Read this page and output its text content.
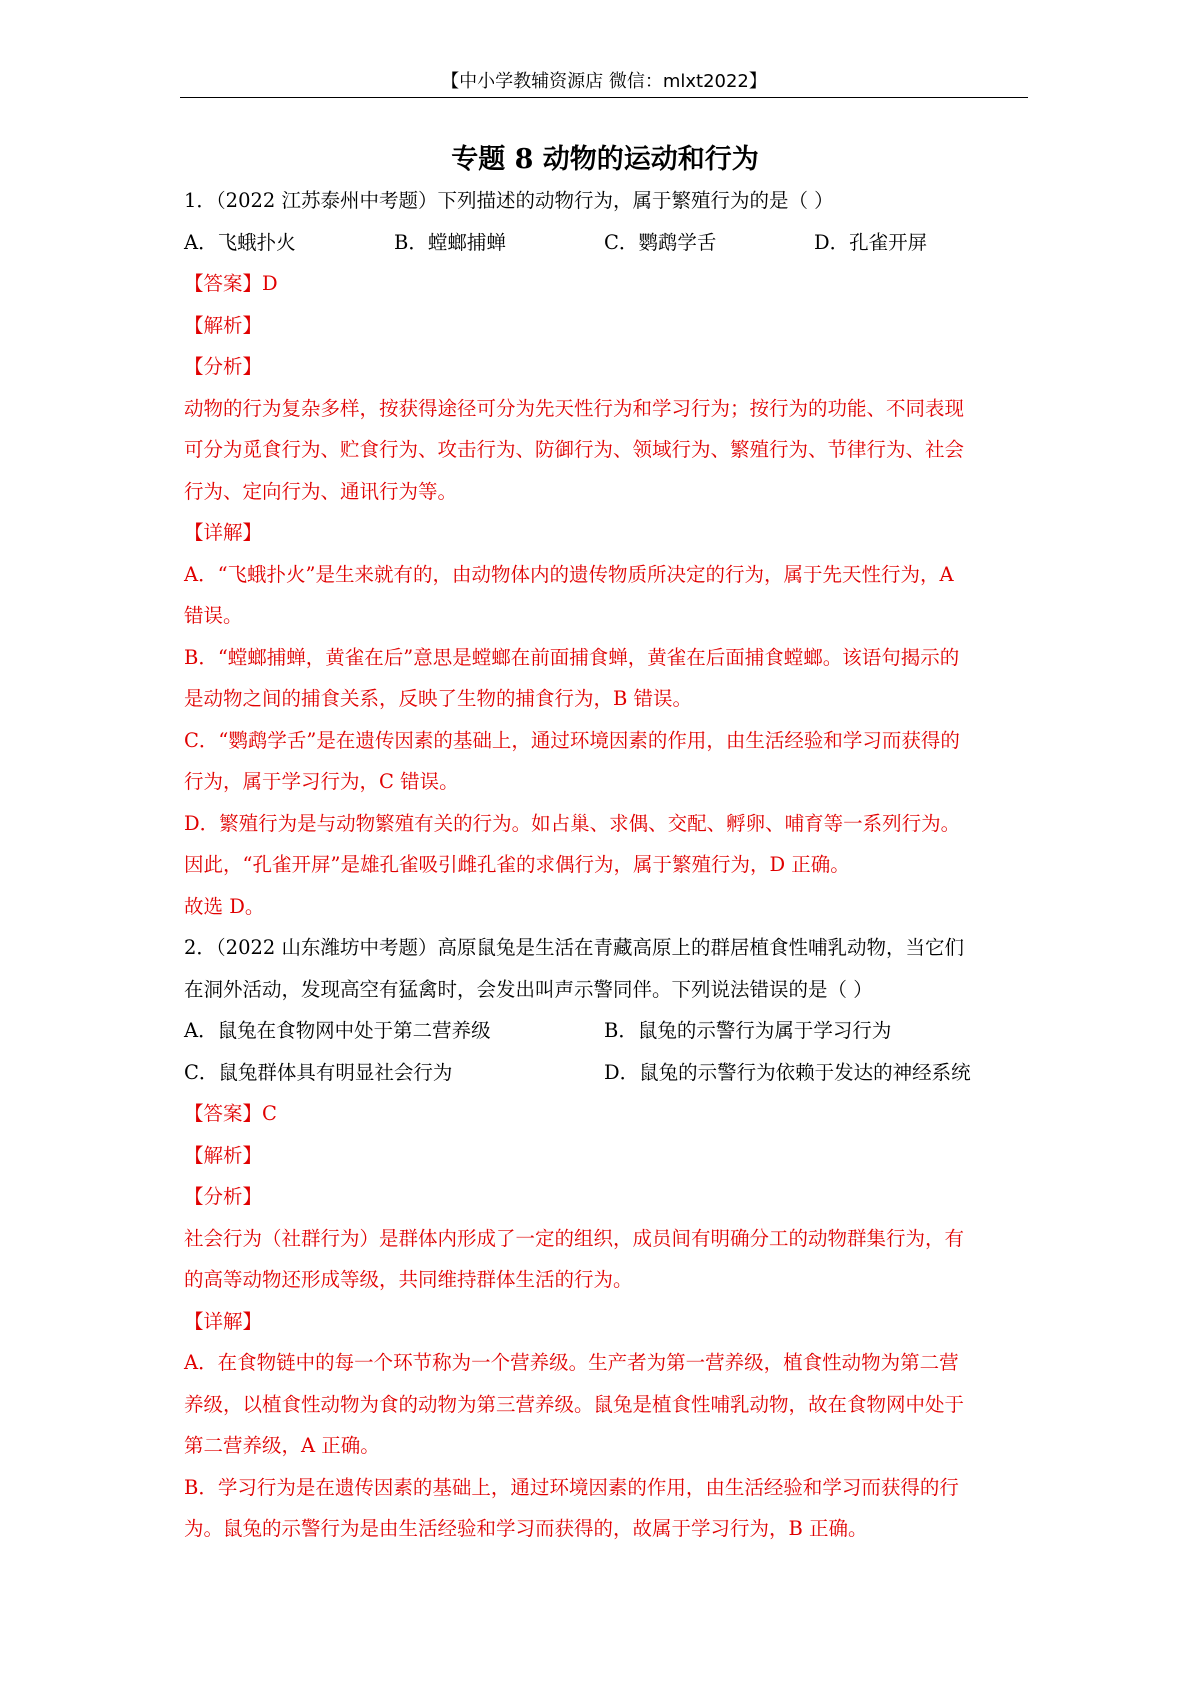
【中小学教辅资源店 微信：mlxt2022】
专题 8 动物的运动和行为
1．（2022 江苏泰州中考题）下列描述的动物行为，属于繁殖行为的是（ ）
A．飞蛾扑火	B．螳螂捕蝉	C．鹦鹉学舌	D．孔雀开屏
【答案】D
【解析】
【分析】
动物的行为复杂多样，按获得途径可分为先天性行为和学习行为；按行为的功能、不同表现
可分为觅食行为、贮食行为、攻击行为、防御行为、领域行为、繁殖行为、节律行为、社会
行为、定向行为、通讯行为等。
【详解】
A．“飞蛾扑火”是生来就有的，由动物体内的遗传物质所决定的行为，属于先天性行为，A
错误。
B．“螳螂捕蝉，黄雀在后”意思是螳螂在前面捕食蝉，黄雀在后面捕食螳螂。该语句揭示的
是动物之间的捕食关系，反映了生物的捕食行为，B 错误。
C．“鹦鹉学舌”是在遗传因素的基础上，通过环境因素的作用，由生活经验和学习而获得的
行为，属于学习行为，C 错误。
D．繁殖行为是与动物繁殖有关的行为。如占巢、求偶、交配、孵卵、哺育等一系列行为。
因此，“孔雀开屏”是雄孔雀吸引雌孔雀的求偶行为，属于繁殖行为，D 正确。
故选 D。
2．（2022 山东潍坊中考题）高原鼠兔是生活在青藏高原上的群居植食性哺乳动物，当它们
在洞外活动，发现高空有猛禽时，会发出叫声示警同伴。下列说法错误的是（ ）
A．鼠兔在食物网中处于第二营养级	B．鼠兔的示警行为属于学习行为
C．鼠兔群体具有明显社会行为	D．鼠兔的示警行为依赖于发达的神经系统
【答案】C
【解析】
【分析】
社会行为（社群行为）是群体内形成了一定的组织，成员间有明确分工的动物群集行为，有
的高等动物还形成等级，共同维持群体生活的行为。
【详解】
A．在食物链中的每一个环节称为一个营养级。生产者为第一营养级，植食性动物为第二营
养级，以植食性动物为食的动物为第三营养级。鼠兔是植食性哺乳动物，故在食物网中处于
第二营养级，A 正确。
B．学习行为是在遗传因素的基础上，通过环境因素的作用，由生活经验和学习而获得的行
为。鼠兔的示警行为是由生活经验和学习而获得的，故属于学习行为，B 正确。
